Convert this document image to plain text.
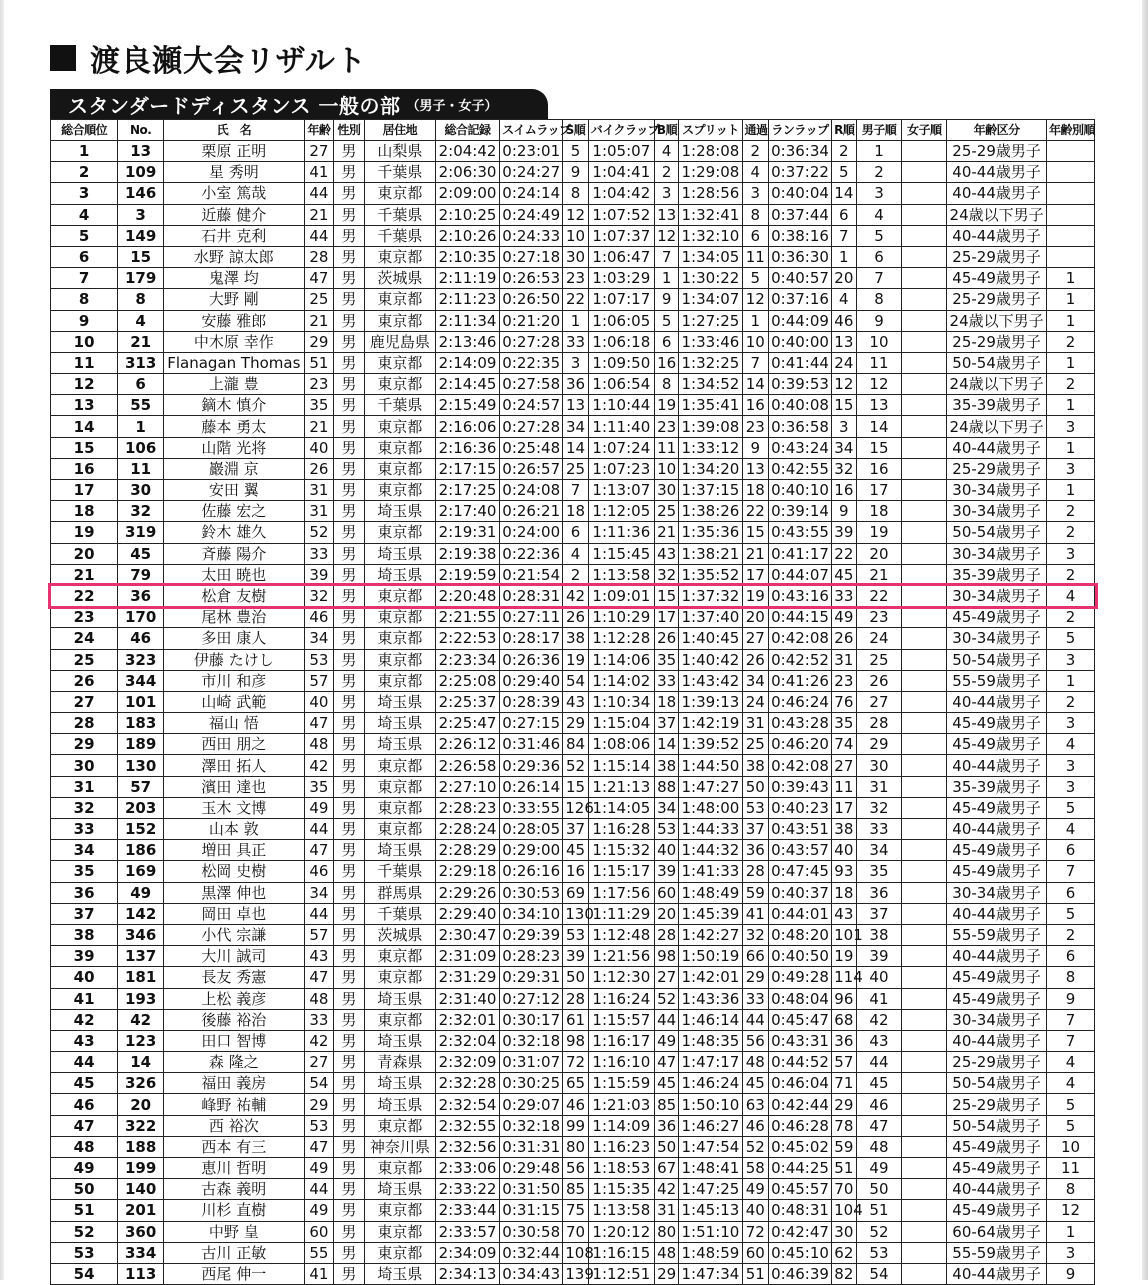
渡良瀬大会リザルト
スタンダードディスタンス 一般の部 （男子・女子）
総合順位	No.	氏　名	年齢	性別	居住地	総合記録	スイムラップ	S順	バイクラップ	B順	スプリット	通過	ランラップ	R順	男子順	女子順	年齢区分	年齢別順
1	13	栗原 正明	27	男	山梨県	2:04:42	0:23:01	5	1:05:07	4	1:28:08	2	0:36:34	2	1		25-29歳男子	
2	109	星 秀明	41	男	千葉県	2:06:30	0:24:27	9	1:04:41	2	1:29:08	4	0:37:22	5	2		40-44歳男子	
3	146	小室 篤哉	44	男	東京都	2:09:00	0:24:14	8	1:04:42	3	1:28:56	3	0:40:04	14	3		40-44歳男子	
4	3	近藤 健介	21	男	千葉県	2:10:25	0:24:49	12	1:07:52	13	1:32:41	8	0:37:44	6	4		24歳以下男子	
5	149	石井 克利	44	男	千葉県	2:10:26	0:24:33	10	1:07:37	12	1:32:10	6	0:38:16	7	5		40-44歳男子	
6	15	水野 諒太郎	28	男	東京都	2:10:35	0:27:18	30	1:06:47	7	1:34:05	11	0:36:30	1	6		25-29歳男子	
7	179	鬼澤 均	47	男	茨城県	2:11:19	0:26:53	23	1:03:29	1	1:30:22	5	0:40:57	20	7		45-49歳男子	1
8	8	大野 剛	25	男	東京都	2:11:23	0:26:50	22	1:07:17	9	1:34:07	12	0:37:16	4	8		25-29歳男子	1
9	4	安藤 雅郎	21	男	東京都	2:11:34	0:21:20	1	1:06:05	5	1:27:25	1	0:44:09	46	9		24歳以下男子	1
10	21	中木原 幸作	29	男	鹿児島県	2:13:46	0:27:28	33	1:06:18	6	1:33:46	10	0:40:00	13	10		25-29歳男子	2
11	313	Flanagan Thomas	51	男	東京都	2:14:09	0:22:35	3	1:09:50	16	1:32:25	7	0:41:44	24	11		50-54歳男子	1
12	6	上瀧 豊	23	男	東京都	2:14:45	0:27:58	36	1:06:54	8	1:34:52	14	0:39:53	12	12		24歳以下男子	2
13	55	鏑木 慎介	35	男	千葉県	2:15:49	0:24:57	13	1:10:44	19	1:35:41	16	0:40:08	15	13		35-39歳男子	1
14	1	藤本 勇太	21	男	東京都	2:16:06	0:27:28	34	1:11:40	23	1:39:08	23	0:36:58	3	14		24歳以下男子	3
15	106	山階 光将	40	男	東京都	2:16:36	0:25:48	14	1:07:24	11	1:33:12	9	0:43:24	34	15		40-44歳男子	1
16	11	巖淵 京	26	男	東京都	2:17:15	0:26:57	25	1:07:23	10	1:34:20	13	0:42:55	32	16		25-29歳男子	3
17	30	安田 翼	31	男	東京都	2:17:25	0:24:08	7	1:13:07	30	1:37:15	18	0:40:10	16	17		30-34歳男子	1
18	32	佐藤 宏之	31	男	埼玉県	2:17:40	0:26:21	18	1:12:05	25	1:38:26	22	0:39:14	9	18		30-34歳男子	2
19	319	鈴木 雄久	52	男	東京都	2:19:31	0:24:00	6	1:11:36	21	1:35:36	15	0:43:55	39	19		50-54歳男子	2
20	45	斉藤 陽介	33	男	埼玉県	2:19:38	0:22:36	4	1:15:45	43	1:38:21	21	0:41:17	22	20		30-34歳男子	3
21	79	太田 暁也	39	男	埼玉県	2:19:59	0:21:54	2	1:13:58	32	1:35:52	17	0:44:07	45	21		35-39歳男子	2
22	36	松倉 友樹	32	男	東京都	2:20:48	0:28:31	42	1:09:01	15	1:37:32	19	0:43:16	33	22		30-34歳男子	4
23	170	尾林 豊治	46	男	東京都	2:21:55	0:27:11	26	1:10:29	17	1:37:40	20	0:44:15	49	23		45-49歳男子	2
24	46	多田 康人	34	男	東京都	2:22:53	0:28:17	38	1:12:28	26	1:40:45	27	0:42:08	26	24		30-34歳男子	5
25	323	伊藤 たけし	53	男	東京都	2:23:34	0:26:36	19	1:14:06	35	1:40:42	26	0:42:52	31	25		50-54歳男子	3
26	344	市川 和彦	57	男	東京都	2:25:08	0:29:40	54	1:14:02	33	1:43:42	34	0:41:26	23	26		55-59歳男子	1
27	101	山崎 武範	40	男	埼玉県	2:25:37	0:28:39	43	1:10:34	18	1:39:13	24	0:46:24	76	27		40-44歳男子	2
28	183	福山 悟	47	男	埼玉県	2:25:47	0:27:15	29	1:15:04	37	1:42:19	31	0:43:28	35	28		45-49歳男子	3
29	189	西田 朋之	48	男	埼玉県	2:26:12	0:31:46	84	1:08:06	14	1:39:52	25	0:46:20	74	29		45-49歳男子	4
30	130	澤田 拓人	42	男	東京都	2:26:58	0:29:36	52	1:15:14	38	1:44:50	38	0:42:08	27	30		40-44歳男子	3
31	57	濱田 達也	35	男	東京都	2:27:10	0:26:14	15	1:21:13	88	1:47:27	50	0:39:43	11	31		35-39歳男子	3
32	203	玉木 文博	49	男	東京都	2:28:23	0:33:55	126	1:14:05	34	1:48:00	53	0:40:23	17	32		45-49歳男子	5
33	152	山本 敦	44	男	東京都	2:28:24	0:28:05	37	1:16:28	53	1:44:33	37	0:43:51	38	33		40-44歳男子	4
34	186	増田 具正	47	男	埼玉県	2:28:29	0:29:00	45	1:15:32	40	1:44:32	36	0:43:57	40	34		45-49歳男子	6
35	169	松岡 史樹	46	男	千葉県	2:29:18	0:26:16	16	1:15:17	39	1:41:33	28	0:47:45	93	35		45-49歳男子	7
36	49	黒澤 伸也	34	男	群馬県	2:29:26	0:30:53	69	1:17:56	60	1:48:49	59	0:40:37	18	36		30-34歳男子	6
37	142	岡田 卓也	44	男	千葉県	2:29:40	0:34:10	130	1:11:29	20	1:45:39	41	0:44:01	43	37		40-44歳男子	5
38	346	小代 宗謙	57	男	茨城県	2:30:47	0:29:39	53	1:12:48	28	1:42:27	32	0:48:20	101	38		55-59歳男子	2
39	137	大川 誠司	43	男	東京都	2:31:09	0:28:23	39	1:21:56	98	1:50:19	66	0:40:50	19	39		40-44歳男子	6
40	181	長友 秀憲	47	男	東京都	2:31:29	0:29:31	50	1:12:30	27	1:42:01	29	0:49:28	114	40		45-49歳男子	8
41	193	上松 義彦	48	男	埼玉県	2:31:40	0:27:12	28	1:16:24	52	1:43:36	33	0:48:04	96	41		45-49歳男子	9
42	42	後藤 裕治	33	男	東京都	2:32:01	0:30:17	61	1:15:57	44	1:46:14	44	0:45:47	68	42		30-34歳男子	7
43	123	田口 智博	42	男	埼玉県	2:32:04	0:32:18	98	1:16:17	49	1:48:35	56	0:43:31	36	43		40-44歳男子	7
44	14	森 隆之	27	男	青森県	2:32:09	0:31:07	72	1:16:10	47	1:47:17	48	0:44:52	57	44		25-29歳男子	4
45	326	福田 義房	54	男	埼玉県	2:32:28	0:30:25	65	1:15:59	45	1:46:24	45	0:46:04	71	45		50-54歳男子	4
46	20	峰野 祐輔	29	男	埼玉県	2:32:54	0:29:07	46	1:21:03	85	1:50:10	63	0:42:44	29	46		25-29歳男子	5
47	322	西 裕次	53	男	東京都	2:32:55	0:32:18	99	1:14:09	36	1:46:27	46	0:46:28	78	47		50-54歳男子	5
48	188	西本 有三	47	男	神奈川県	2:32:56	0:31:31	80	1:16:23	50	1:47:54	52	0:45:02	59	48		45-49歳男子	10
49	199	恵川 哲明	49	男	東京都	2:33:06	0:29:48	56	1:18:53	67	1:48:41	58	0:44:25	51	49		45-49歳男子	11
50	140	古森 義明	44	男	埼玉県	2:33:22	0:31:50	85	1:15:35	42	1:47:25	49	0:45:57	70	50		40-44歳男子	8
51	201	川杉 直樹	49	男	東京都	2:33:44	0:31:15	75	1:13:58	31	1:45:13	40	0:48:31	104	51		45-49歳男子	12
52	360	中野 皇	60	男	東京都	2:33:57	0:30:58	70	1:20:12	80	1:51:10	72	0:42:47	30	52		60-64歳男子	1
53	334	古川 正敏	55	男	東京都	2:34:09	0:32:44	108	1:16:15	48	1:48:59	60	0:45:10	62	53		55-59歳男子	3
54	113	西尾 伸一	41	男	埼玉県	2:34:13	0:34:43	139	1:12:51	29	1:47:34	51	0:46:39	82	54		40-44歳男子	9
